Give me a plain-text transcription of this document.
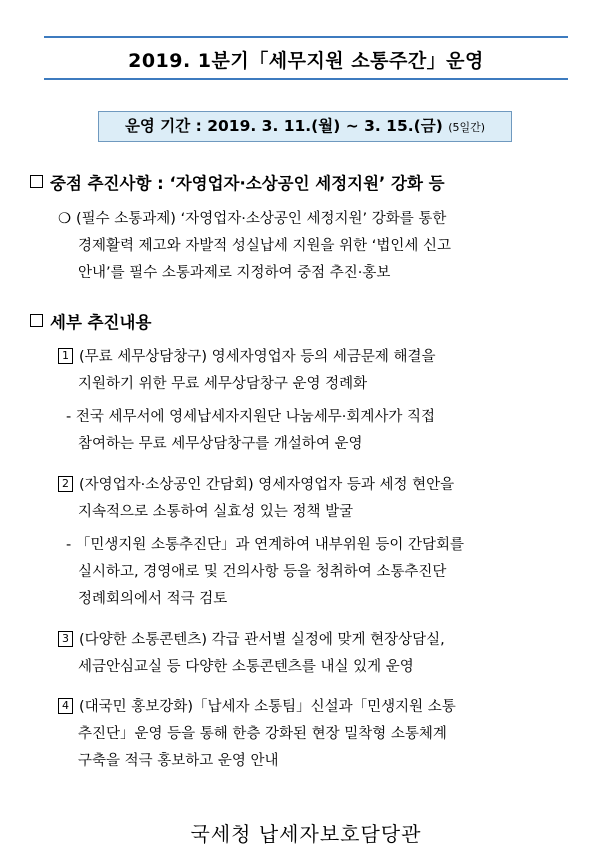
2019. 1분기「세무지원 소통주간」운영
운영 기간 : 2019. 3. 11.(월) ~ 3. 15.(금) (5일간)
중점 추진사항 : ‘자영업자·소상공인 세정지원’ 강화 등
❍ (필수 소통과제) ‘자영업자·소상공인 세정지원’ 강화를 통한
경제활력 제고와 자발적 성실납세 지원을 위한 ‘법인세 신고
안내’를 필수 소통과제로 지정하여 중점 추진·홍보
세부 추진내용
1 (무료 세무상담창구) 영세자영업자 등의 세금문제 해결을
지원하기 위한 무료 세무상담창구 운영 정례화
- 전국 세무서에 영세납세자지원단 나눔세무·회계사가 직접
참여하는 무료 세무상담창구를 개설하여 운영
2 (자영업자·소상공인 간담회) 영세자영업자 등과 세정 현안을
지속적으로 소통하여 실효성 있는 정책 발굴
- 「민생지원 소통추진단」과 연계하여 내부위원 등이 간담회를
실시하고, 경영애로 및 건의사항 등을 청취하여 소통추진단
정례회의에서 적극 검토
3 (다양한 소통콘텐츠) 각급 관서별 실정에 맞게 현장상담실,
세금안심교실 등 다양한 소통콘텐츠를 내실 있게 운영
4 (대국민 홍보강화)「납세자 소통팀」신설과「민생지원 소통
추진단」운영 등을 통해 한층 강화된 현장 밀착형 소통체계
구축을 적극 홍보하고 운영 안내
국세청 납세자보호담당관
